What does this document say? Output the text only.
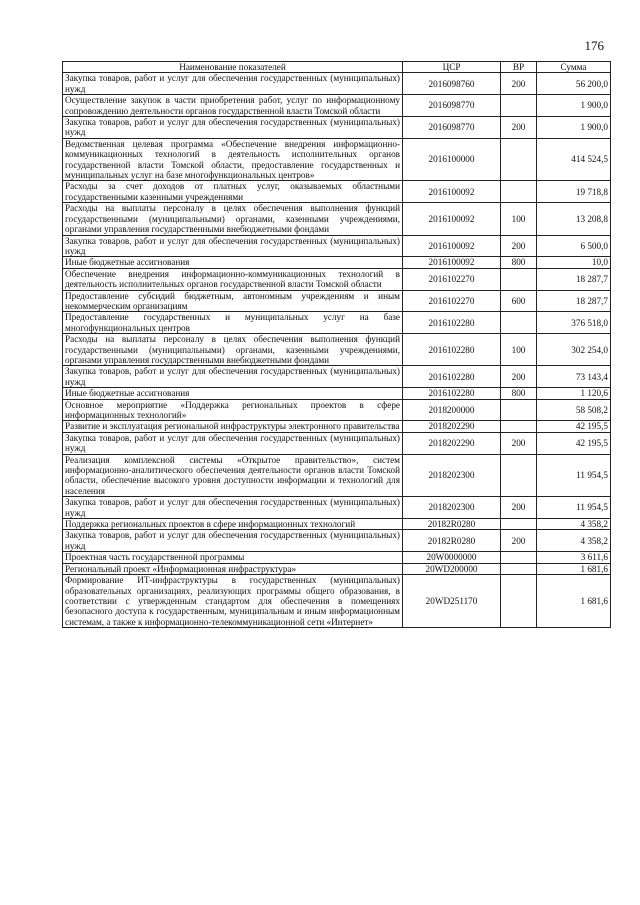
176
Наименование показателей	ЦСР	ВР	Сумма
Закупка товаров, работ и услуг для обеспечения государственных (муниципальных) нужд	2016098760	200	56 200,0
Осуществление закупок в части приобретения работ, услуг по информационному сопровождению деятельности органов государственной власти Томской области	2016098770		1 900,0
Закупка товаров, работ и услуг для обеспечения государственных (муниципальных) нужд	2016098770	200	1 900,0
Ведомственная целевая программа «Обеспечение внедрения информационно-коммуникационных технологий в деятельность исполнительных органов государственной власти Томской области, предоставление государственных и муниципальных услуг на базе многофункциональных центров»	2016100000		414 524,5
Расходы за счет доходов от платных услуг, оказываемых областными государственными казенными учреждениями	2016100092		19 718,8
Расходы на выплаты персоналу в целях обеспечения выполнения функций государственными (муниципальными) органами, казенными учреждениями, органами управления государственными внебюджетными фондами	2016100092	100	13 208,8
Закупка товаров, работ и услуг для обеспечения государственных (муниципальных) нужд	2016100092	200	6 500,0
Иные бюджетные ассигнования	2016100092	800	10,0
Обеспечение внедрения информационно-коммуникационных технологий в деятельность исполнительных органов государственной власти Томской области	2016102270		18 287,7
Предоставление субсидий бюджетным, автономным учреждениям и иным некоммерческим организациям	2016102270	600	18 287,7
Предоставление государственных и муниципальных услуг на базе многофункциональных центров	2016102280		376 518,0
Расходы на выплаты персоналу в целях обеспечения выполнения функций государственными (муниципальными) органами, казенными учреждениями, органами управления государственными внебюджетными фондами	2016102280	100	302 254,0
Закупка товаров, работ и услуг для обеспечения государственных (муниципальных) нужд	2016102280	200	73 143,4
Иные бюджетные ассигнования	2016102280	800	1 120,6
Основное мероприятие «Поддержка региональных проектов в сфере информационных технологий»	2018200000		58 508,2
Развитие и эксплуатация региональной инфраструктуры электронного правительства	2018202290		42 195,5
Закупка товаров, работ и услуг для обеспечения государственных (муниципальных) нужд	2018202290	200	42 195,5
Реализация комплексной системы «Открытое правительство», систем информационно-аналитического обеспечения деятельности органов власти Томской области, обеспечение высокого уровня доступности информации и технологий для населения	2018202300		11 954,5
Закупка товаров, работ и услуг для обеспечения государственных (муниципальных) нужд	2018202300	200	11 954,5
Поддержка региональных проектов в сфере информационных технологий	20182R0280		4 358,2
Закупка товаров, работ и услуг для обеспечения государственных (муниципальных) нужд	20182R0280	200	4 358,2
Проектная часть государственной программы	20W0000000		3 611,6
Региональный проект «Информационная инфраструктура»	20WD200000		1 681,6
Формирование ИТ-инфраструктуры в государственных (муниципальных) образовательных организациях, реализующих программы общего образования, в соответствии с утвержденным стандартом для обеспечения в помещениях безопасного доступа к государственным, муниципальным и иным информационным системам, а также к информационно-телекоммуникационной сети «Интернет»	20WD251170		1 681,6
